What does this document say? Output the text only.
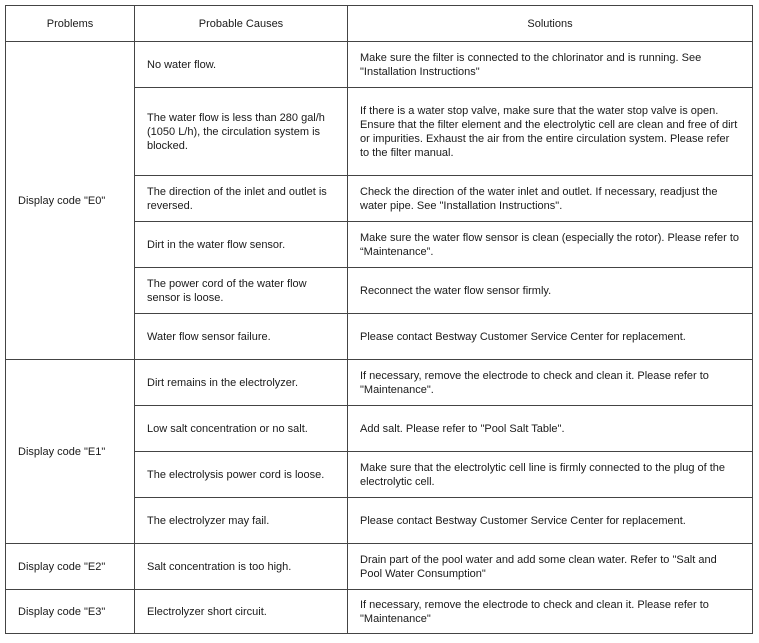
Problems	Probable Causes	Solutions
Display code "E0"	No water flow.	Make sure the filter is connected to the chlorinator and is running. See "Installation Instructions"
	The water flow is less than 280 gal/h (1050 L/h), the circulation system is blocked.	If there is a water stop valve, make sure that the water stop valve is open. Ensure that the filter element and the electrolytic cell are clean and free of dirt or impurities. Exhaust the air from the entire circulation system. Please refer to the filter manual.
	The direction of the inlet and outlet is reversed.	Check the direction of the water inlet and outlet. If necessary, readjust the water pipe. See "Installation Instructions".
	Dirt in the water flow sensor.	Make sure the water flow sensor is clean (especially the rotor). Please refer to “Maintenance”.
	The power cord of the water flow sensor is loose.	Reconnect the water flow sensor firmly.
	Water flow sensor failure.	Please contact Bestway Customer Service Center for replacement.
Display code "E1"	Dirt remains in the electrolyzer.	If necessary, remove the electrode to check and clean it. Please refer to "Maintenance".
	Low salt concentration or no salt.	Add salt. Please refer to "Pool Salt Table".
	The electrolysis power cord is loose.	Make sure that the electrolytic cell line is firmly connected to the plug of the electrolytic cell.
	The electrolyzer may fail.	Please contact Bestway Customer Service Center for replacement.
Display code "E2"	Salt concentration is too high.	Drain part of the pool water and add some clean water. Refer to "Salt and Pool Water Consumption"
Display code "E3"	Electrolyzer short circuit.	If necessary, remove the electrode to check and clean it. Please refer to "Maintenance"
